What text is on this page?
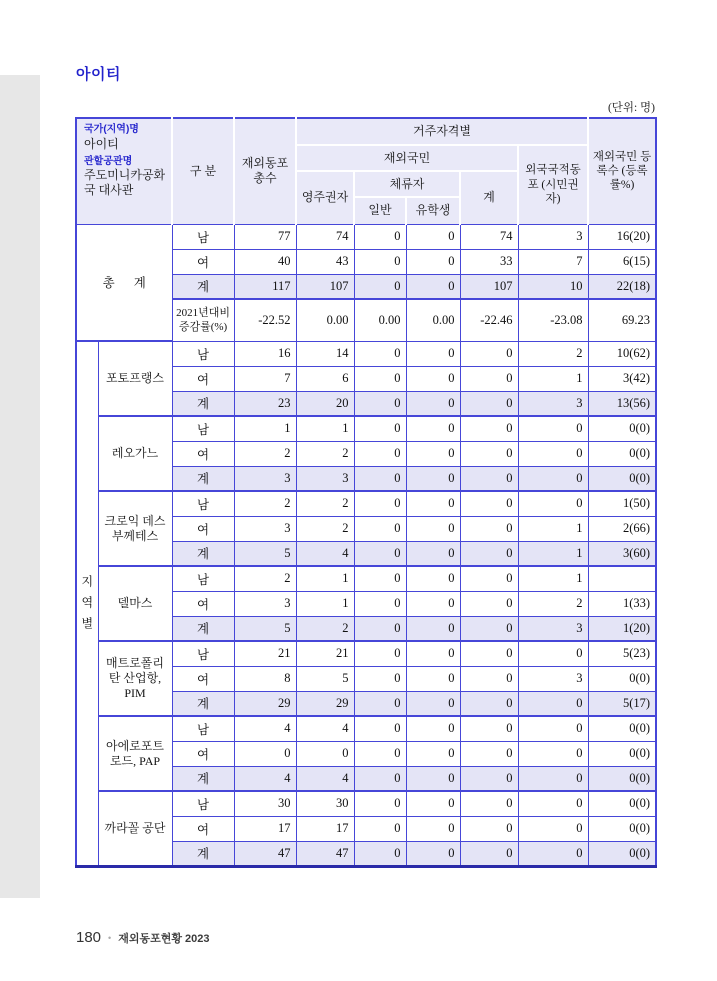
아이티
(단위: 명)
국가(지역)명
아이티
관할공관명
주도미니카공화국 대사관		구 분	재외동포 총수	거주자격별					재외국민 등록수 (등록률%)
				재외국민				외국국적동포 (시민권자)	
				영주권자	체류자		계		
					일반	유학생			
총 계		남	77	74	0	0	74	3	16(20)
		여	40	43	0	0	33	7	6(15)
		계	117	107	0	0	107	10	22(18)
		2021년대비 증감률(%)	-22.52	0.00	0.00	0.00	-22.46	-23.08	69.23
지역별	포토프랭스	남	16	14	0	0	0	2	10(62)
		여	7	6	0	0	0	1	3(42)
		계	23	20	0	0	0	3	13(56)
	레오가느	남	1	1	0	0	0	0	0(0)
		여	2	2	0	0	0	0	0(0)
		계	3	3	0	0	0	0	0(0)
	크로익 데스 부께테스	남	2	2	0	0	0	0	1(50)
		여	3	2	0	0	0	1	2(66)
		계	5	4	0	0	0	1	3(60)
	델마스	남	2	1	0	0	0	1	
		여	3	1	0	0	0	2	1(33)
		계	5	2	0	0	0	3	1(20)
	매트로폴리탄 산업항, PIM	남	21	21	0	0	0	0	5(23)
		여	8	5	0	0	0	3	0(0)
		계	29	29	0	0	0	0	5(17)
	아에로포트 로드, PAP	남	4	4	0	0	0	0	0(0)
		여	0	0	0	0	0	0	0(0)
		계	4	4	0	0	0	0	0(0)
	까라꼴 공단	남	30	30	0	0	0	0	0(0)
		여	17	17	0	0	0	0	0(0)
		계	47	47	0	0	0	0	0(0)
180 • 재외동포현황 2023
